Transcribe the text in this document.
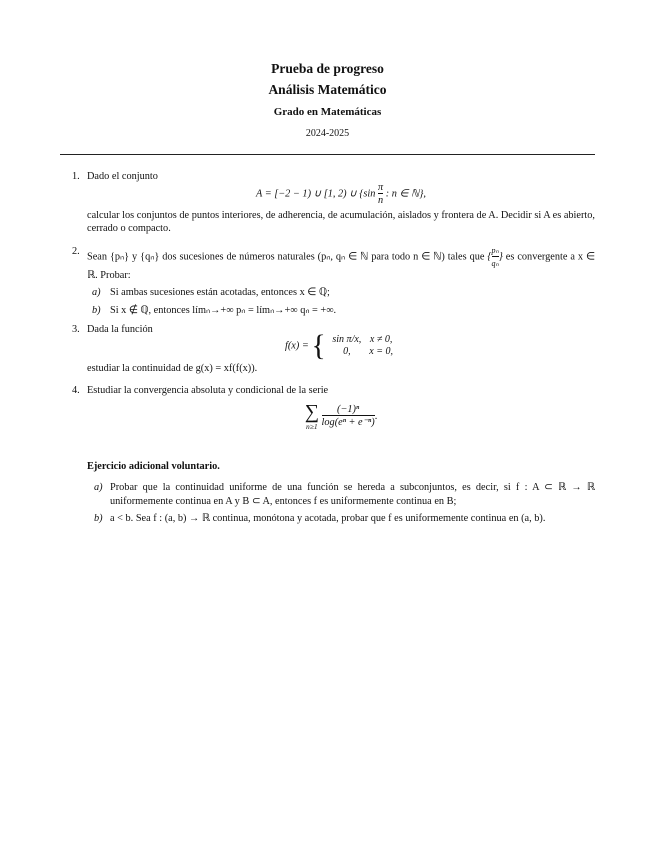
Prueba de progreso
Análisis Matemático
Grado en Matemáticas
2024-2025
1. Dado el conjunto
A = [−2 − 1) ∪ [1, 2) ∪ {$\sin \frac{\pi}{n}$ : n ∈ ℕ},
calcular los conjuntos de puntos interiores, de adherencia, de acumulación, aislados y frontera de A. Decidir si A es abierto, cerrado o compacto.
2. Sean {pₙ} y {qₙ} dos sucesiones de números naturales (pₙ, qₙ ∈ ℕ para todo n ∈ ℕ) tales que { $\frac{\text{pₙ}}{\text{qₙ}}$ } es convergente a x ∈ ℝ. Probar:
a) Si ambas sucesiones están acotadas, entonces x ∈ ℚ;
b) Si x ∉ ℚ, entonces límₙ→+∞ pₙ = límₙ→+∞ qₙ = +∞.
3. Dada la función
f(x) = { sin π/x,	x ≠ 0,
0,	x = 0,
estudiar la continuidad de g(x) = xf(f(x)).
4. Estudiar la convergencia absoluta y condicional de la serie
∑
n≥1
$\frac{\text{(−1)ⁿ}}{\text{log(eⁿ + e⁻ⁿ)}}$ .
Ejercicio adicional voluntario.
a) Probar que la continuidad uniforme de una función se hereda a subconjuntos, es decir, si f : A ⊂ ℝ → ℝ uniformemente continua en A y B ⊂ A, entonces f es uniformemente continua en B;
b) a < b. Sea f : (a, b) → ℝ continua, monótona y acotada, probar que f es uniformemente continua en (a, b).
